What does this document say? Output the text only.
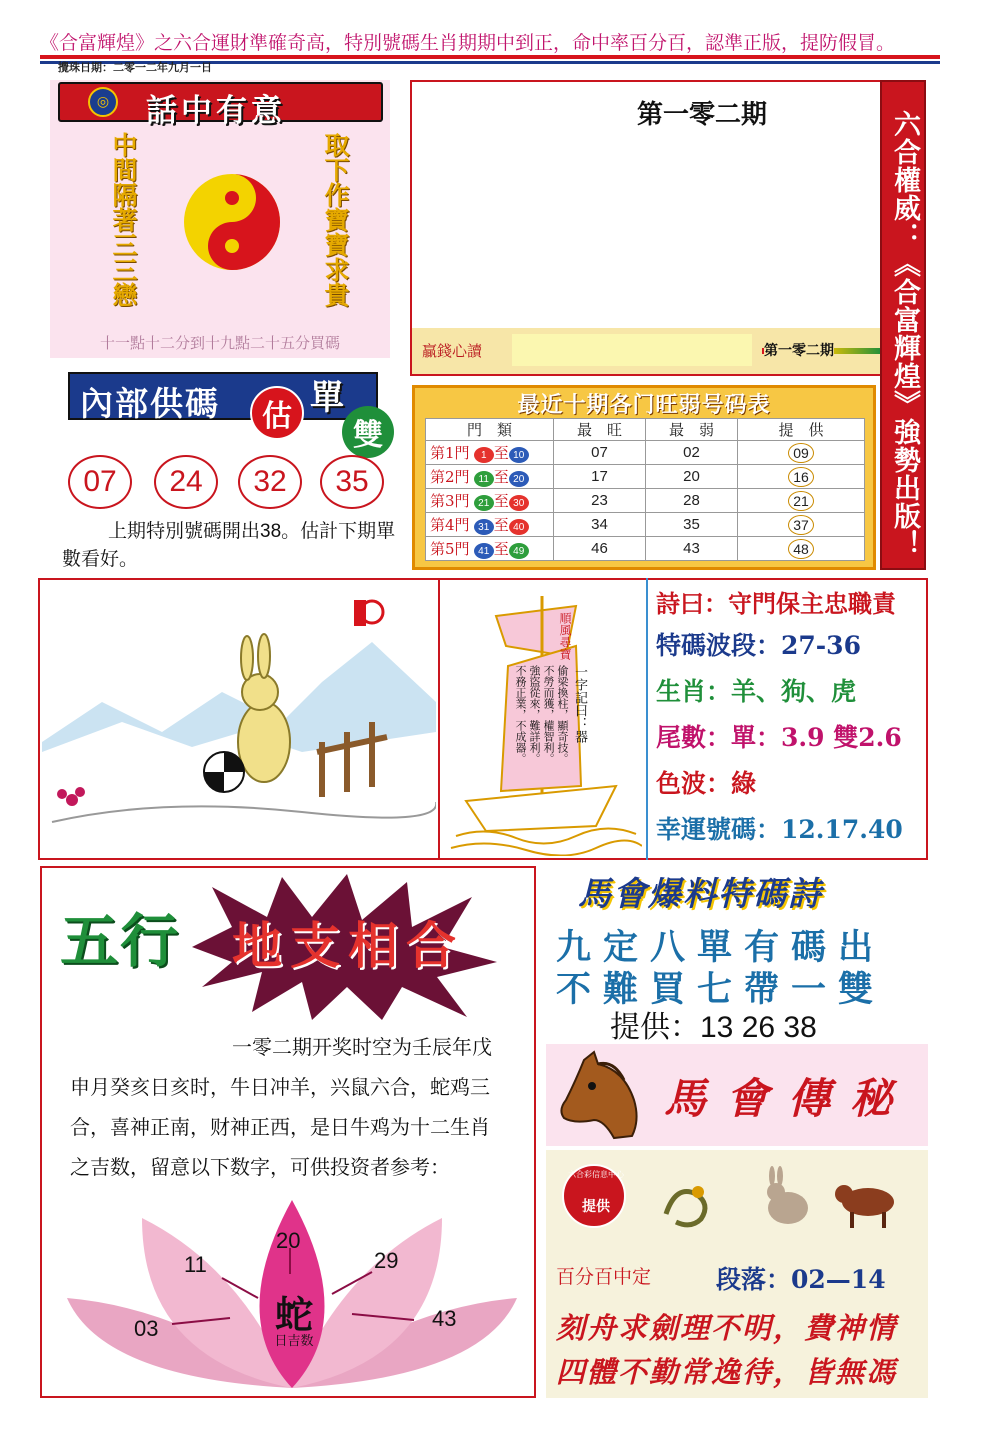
《合富輝煌》之六合運財準確奇高，特別號碼生肖期期中到正，命中率百分百，認準正版，提防假冒。
攪珠日期：二零一二年九月一日
◎ 話中有意
中間隔著三三戀	取下作寶寶求貴
十一點十二分到十九點二十五分買碼
第一零二期
贏錢心讀	第一零二期 六合權威：《合富輝煌》強勢出版！
內部供碼	估 單
雙
07	24	32	35
上期特別號碼開出38。估計下期單數看好。
最近十期各门旺弱号码表
門　類	最　旺	最　弱	提　供
第1門 1 至 10	07	02	09
第2門 11 至 20	17	20	16
第3門 21 至 30	23	28	21
第4門 31 至 40	34	35	37
第5門 41 至 49	46	43	48
順風尋寶
一字記曰：器
偷梁換柱，顯奇技。
不勞而獲，權智利。
強盜從來，難詳利。
不務正業，不成器。
詩曰：守門保主忠職責
特碼波段：27-36
生肖：羊、狗、虎
尾數：單：3.9 雙2.6
色波：綠
幸運號碼：12.17.40
五行 地支相合
一零二期开奖时空为壬辰年戊申月癸亥日亥时，牛日冲羊，兴鼠六合，蛇鸡三合，喜神正南，财神正西，是日牛鸡为十二生肖之吉数，留意以下数字，可供投资者参考：
蛇
日吉数
03
11
20
29
43
馬會爆料特碼詩
九定八單有碼出
不難買七帶一雙
提供：13 26 38
馬會傳秘
六合彩信息中心
提供
百分百中定	段落：02—14
刻舟求劍理不明，費神情
四體不勤常逸待，皆無馮
